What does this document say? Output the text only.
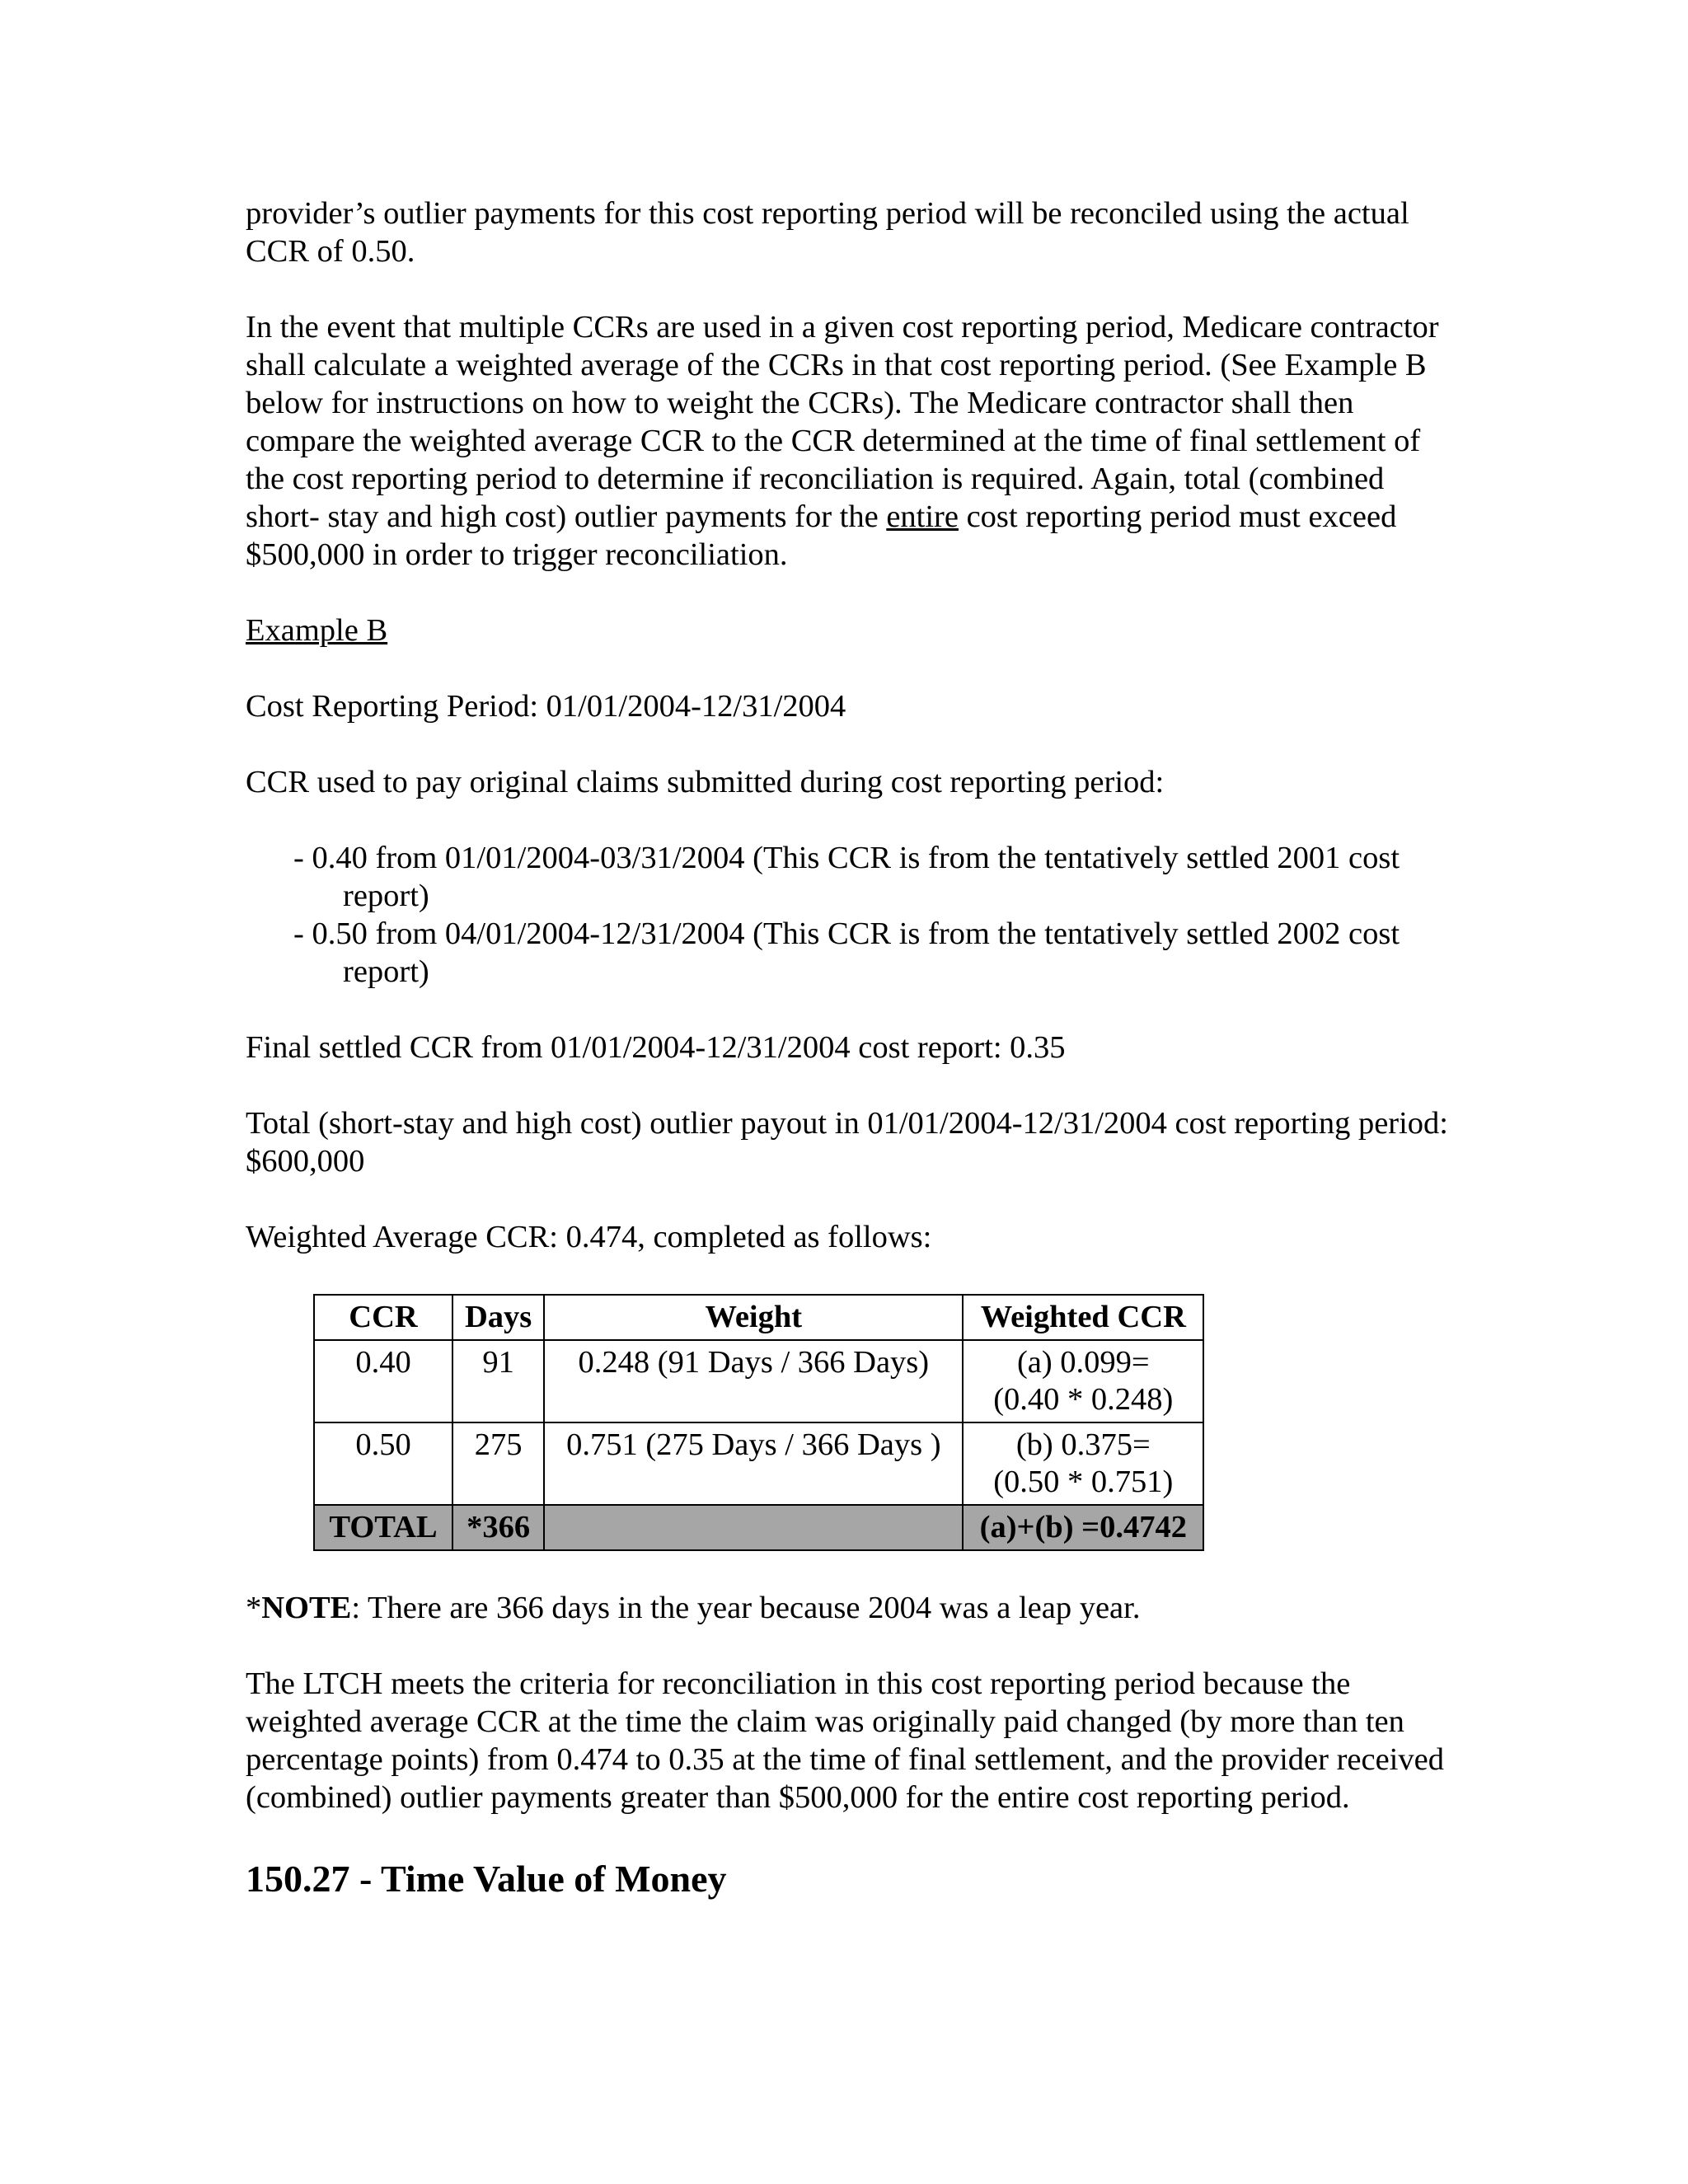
provider’s outlier payments for this cost reporting period will be reconciled using the actual CCR of 0.50.

In the event that multiple CCRs are used in a given cost reporting period, Medicare contractor shall calculate a weighted average of the CCRs in that cost reporting period. (See Example B below for instructions on how to weight the CCRs). The Medicare contractor shall then compare the weighted average CCR to the CCR determined at the time of final settlement of the cost reporting period to determine if reconciliation is required. Again, total (combined short- stay and high cost) outlier payments for the entire cost reporting period must exceed $500,000 in order to trigger reconciliation.

Example B

Cost Reporting Period: 01/01/2004-12/31/2004

CCR used to pay original claims submitted during cost reporting period:

- 0.40 from 01/01/2004-03/31/2004 (This CCR is from the tentatively settled 2001 cost report)
- 0.50 from 04/01/2004-12/31/2004 (This CCR is from the tentatively settled 2002 cost report)

Final settled CCR from 01/01/2004-12/31/2004 cost report: 0.35

Total (short-stay and high cost) outlier payout in 01/01/2004-12/31/2004 cost reporting period: $600,000

Weighted Average CCR: 0.474, completed as follows:

CCR	Days	Weight	Weighted CCR
0.40	91	0.248 (91 Days / 366 Days)	(a) 0.099=
(0.40 * 0.248)

0.50	275	0.751 (275 Days / 366 Days )	(b) 0.375=
(0.50 * 0.751)

TOTAL	*366		(a)+(b) =0.4742

*NOTE: There are 366 days in the year because 2004 was a leap year.

The LTCH meets the criteria for reconciliation in this cost reporting period because the weighted average CCR at the time the claim was originally paid changed (by more than ten percentage points) from 0.474 to 0.35 at the time of final settlement, and the provider received (combined) outlier payments greater than $500,000 for the entire cost reporting period.

150.27 - Time Value of Money
